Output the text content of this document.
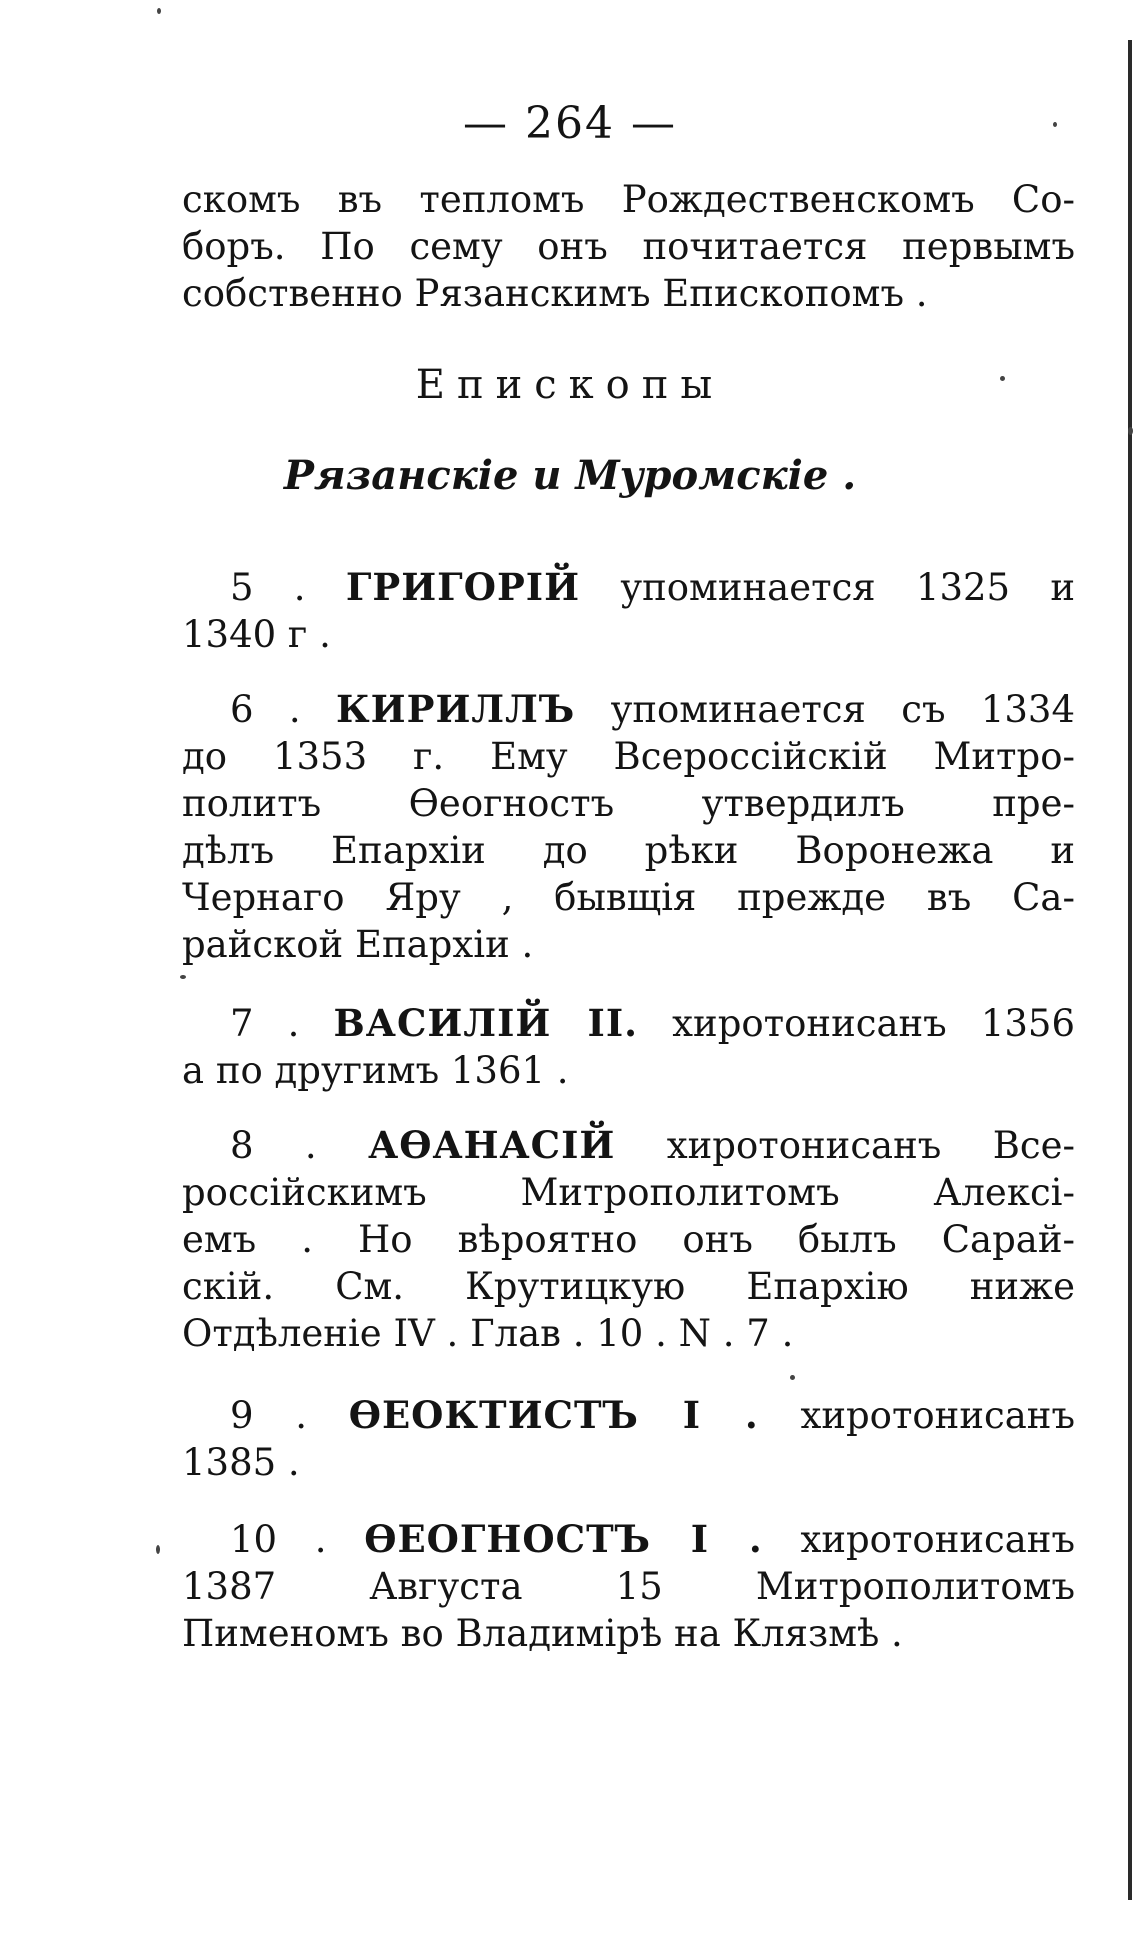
— 264 —
скомъ въ тепломъ Рождественскомъ Со-
боръ. По сему онъ почитается первымъ
собственно Рязанскимъ Епископомъ .
Епископы
Рязанскіе и Муромскіе .
5 . ГРИГОРІЙ упоминается 1325 и
1340 г .
6 . КИРИЛЛЪ упоминается съ 1334
до 1353 г. Ему Всероссійскій Митро-
политъ Ѳеогностъ утвердилъ пре-
дѣлъ Епархіи до рѣки Воронежа и
Чернаго Яру , бывщія прежде въ Са-
райской Епархіи .
7 . ВАСИЛІЙ II. хиротонисанъ 1356
а по другимъ 1361 .
8 . АѲАНАСІЙ хиротонисанъ Все-
россійскимъ Митрополитомъ Алексі-
емъ . Но вѣроятно онъ былъ Сарай-
скій. См. Крутицкую Епархію ниже
Отдѣленіе IV . Глав . 10 . N . 7 .
9 . ѲЕОКТИСТЪ I . хиротонисанъ
1385 .
10 . ѲЕОГНОСТЪ I . хиротонисанъ
1387 Августа 15 Митрополитомъ
Пименомъ во Владимірѣ на Клязмѣ .
